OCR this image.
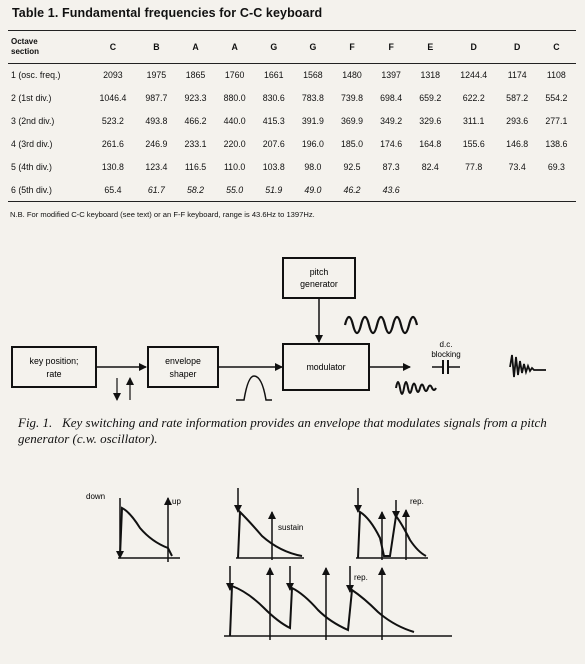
Table 1. Fundamental frequencies for C-C keyboard
Octave
section	C	B	A	A	G	G	F	F	E	D	D	C
1 (osc. freq.)	2093	1975	1865	1760	1661	1568	1480	1397	1318	1244.4	1174	1108
2 (1st div.)	1046.4	987.7	923.3	880.0	830.6	783.8	739.8	698.4	659.2	622.2	587.2	554.2
3 (2nd div.)	523.2	493.8	466.2	440.0	415.3	391.9	369.9	349.2	329.6	311.1	293.6	277.1
4 (3rd div.)	261.6	246.9	233.1	220.0	207.6	196.0	185.0	174.6	164.8	155.6	146.8	138.6
5 (4th div.)	130.8	123.4	116.5	110.0	103.8	98.0	92.5	87.3	82.4	77.8	73.4	69.3
6 (5th div.)	65.4	61.7	58.2	55.0	51.9	49.0	46.2	43.6				
N.B. For modified C-C keyboard (see text) or an F-F keyboard, range is 43.6Hz to 1397Hz.
pitch
generator
key position;
rate
envelope
shaper
modulator
d.c.
blocking
down
up
sustain
rep.
rep.
Fig. 1. Key switching and rate information provides an envelope that modulates signals from a pitch generator (c.w. oscillator).
